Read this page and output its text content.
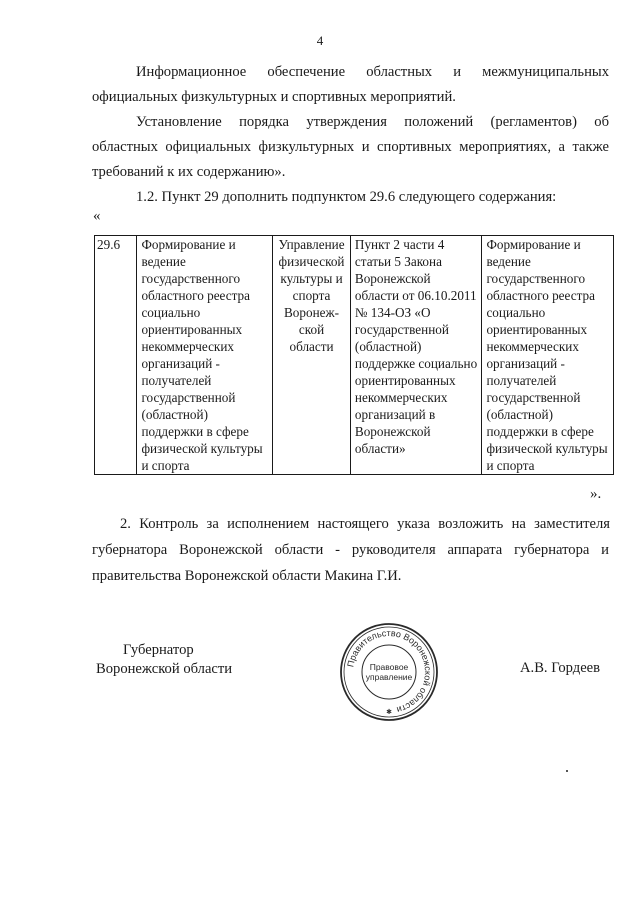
4
Информационное обеспечение областных и межмуниципальных
официальных физкультурных и спортивных мероприятий.
Установление порядка утверждения положений (регламентов) об
областных официальных физкультурных и спортивных мероприятиях, а также
требований к их содержанию».
1.2. Пункт 29 дополнить подпунктом 29.6 следующего содержания:
«
29.6	Формирование и ведение государственного областного реестра социально ориентированных некоммерческих организаций - получателей государственной (областной) поддержки в сфере физической культуры и спорта	Управление физической культуры и спорта Воронеж-ской области	Пункт 2 части 4 статьи 5 Закона Воронежской области от 06.10.2011 № 134-ОЗ «О государственной (областной) поддержке социально ориентированных некоммерческих организаций в Воронежской области»	Формирование и ведение государственного областного реестра социально ориентированных некоммерческих организаций - получателей государственной (областной) поддержки в сфере физической культуры и спорта
».
2. Контроль за исполнением настоящего указа возложить на заместителя
губернатора Воронежской области - руководителя аппарата губернатора и
правительства Воронежской области Макина Г.И.
Губернатор
Воронежской области	А.В. Гордеев
Правительство Воронежской области
Правовое
управление
✱
